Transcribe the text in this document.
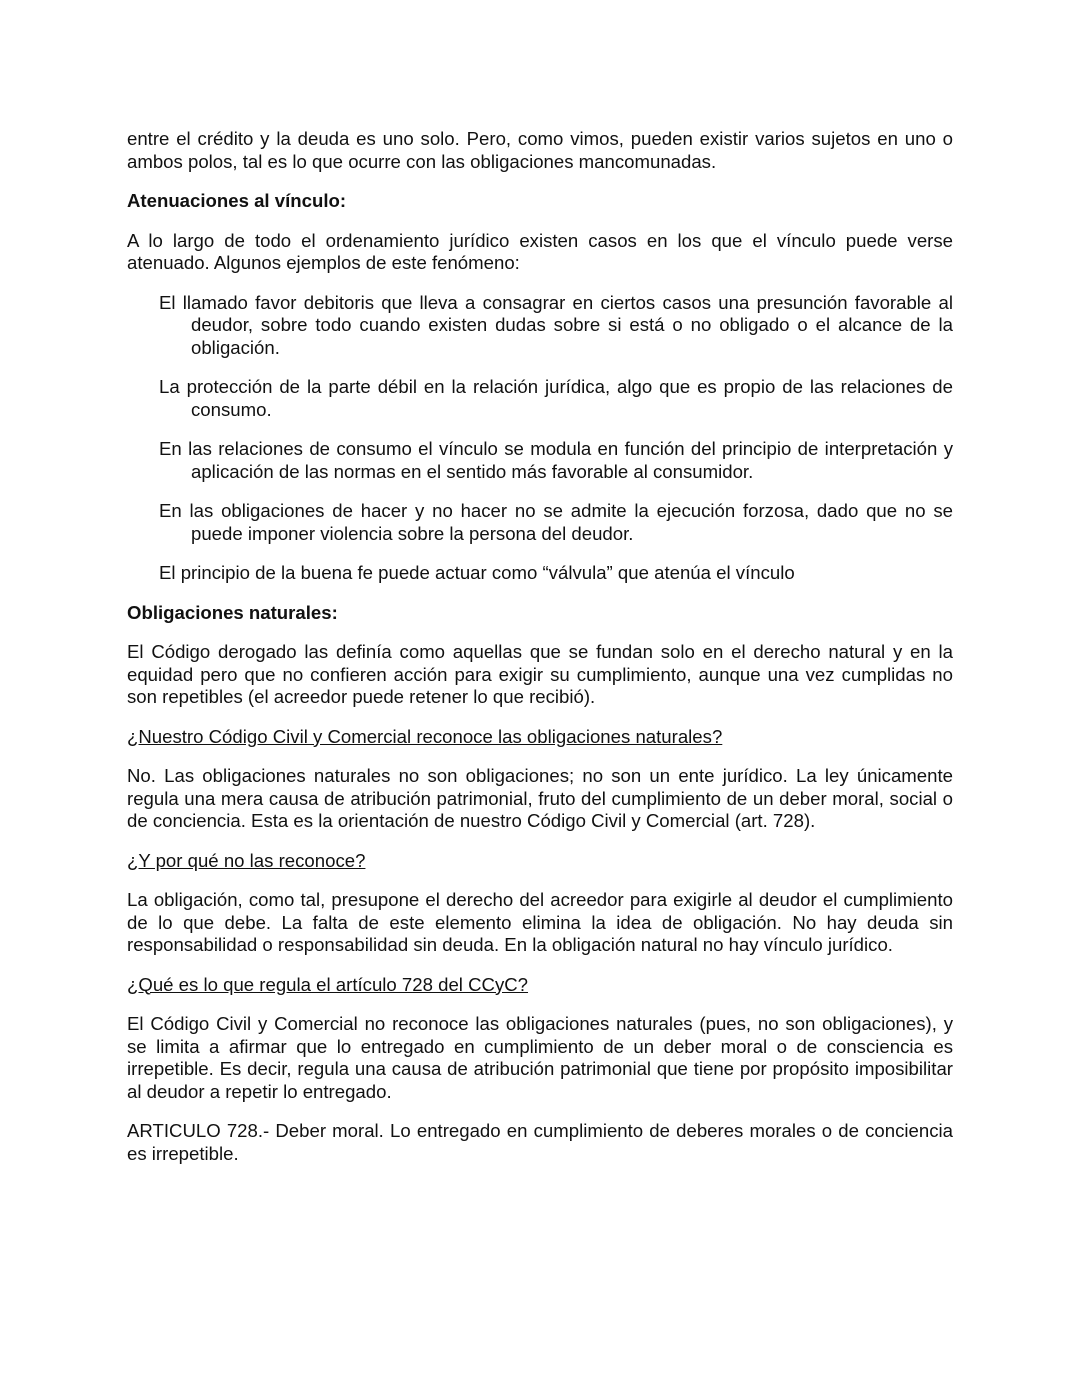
entre el crédito y la deuda es uno solo. Pero, como vimos, pueden existir varios sujetos en uno o ambos polos, tal es lo que ocurre con las obligaciones mancomunadas.

Atenuaciones al vínculo:

A lo largo de todo el ordenamiento jurídico existen casos en los que el vínculo puede verse atenuado. Algunos ejemplos de este fenómeno:

El llamado favor debitoris que lleva a consagrar en ciertos casos una presunción favorable al deudor, sobre todo cuando existen dudas sobre si está o no obligado o el alcance de la obligación.

La protección de la parte débil en la relación jurídica, algo que es propio de las relaciones de consumo.

En las relaciones de consumo el vínculo se modula en función del principio de interpretación y aplicación de las normas en el sentido más favorable al consumidor.

En las obligaciones de hacer y no hacer no se admite la ejecución forzosa, dado que no se puede imponer violencia sobre la persona del deudor.

El principio de la buena fe puede actuar como “válvula” que atenúa el vínculo

Obligaciones naturales:

El Código derogado las definía como aquellas que se fundan solo en el derecho natural y en la equidad pero que no confieren acción para exigir su cumplimiento, aunque una vez cumplidas no son repetibles (el acreedor puede retener lo que recibió).

¿Nuestro Código Civil y Comercial reconoce las obligaciones naturales?

No. Las obligaciones naturales no son obligaciones; no son un ente jurídico. La ley únicamente regula una mera causa de atribución patrimonial, fruto del cumplimiento de un deber moral, social o de conciencia. Esta es la orientación de nuestro Código Civil y Comercial (art. 728).

¿Y por qué no las reconoce?

La obligación, como tal, presupone el derecho del acreedor para exigirle al deudor el cumplimiento de lo que debe. La falta de este elemento elimina la idea de obligación. No hay deuda sin responsabilidad o responsabilidad sin deuda. En la obligación natural no hay vínculo jurídico.

¿Qué es lo que regula el artículo 728 del CCyC?

El Código Civil y Comercial no reconoce las obligaciones naturales (pues, no son obligaciones), y se limita a afirmar que lo entregado en cumplimiento de un deber moral o de consciencia es irrepetible. Es decir, regula una causa de atribución patrimonial que tiene por propósito imposibilitar al deudor a repetir lo entregado.

ARTICULO 728.- Deber moral. Lo entregado en cumplimiento de deberes morales o de conciencia es irrepetible.
